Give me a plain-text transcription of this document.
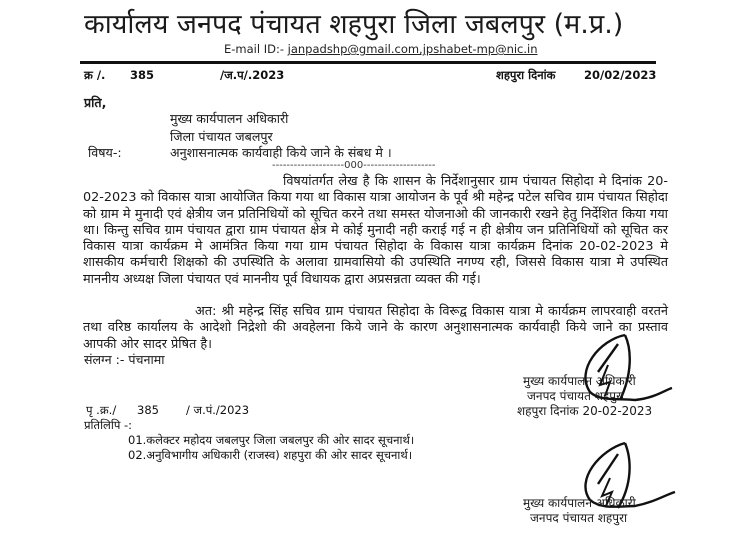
कार्यालय जनपद पंचायत शहपुरा जिला जबलपुर (म.प्र.)
E-mail ID:- janpadshp@gmail.com,jpshabet-mp@nic.in
क्र /. 385	/ज.प/.2023	शहपुरा दिनांक 20/02/2023
प्रति,
मुख्य कार्यपालन अधिकारी
जिला पंचायत जबलपुर
विषय-:	अनुशासनात्मक कार्यवाही किये जाने के संबध मे ।
--------------------000--------------------
विषयांतर्गत लेख है कि शासन के निर्देशानुसार ग्राम पंचायत सिहोदा मे दिनांक 20-02-2023 को विकास यात्रा आयोजित किया गया था विकास यात्रा आयोजन के पूर्व श्री महेन्द्र पटेल सचिव ग्राम पंचायत सिहोदा को ग्राम मे मुनादी एवं क्षेत्रीय जन प्रतिनिधियों को सूचित करने तथा समस्त योजनाओ की जानकारी रखने हेतु निर्देशित किया गया था। किन्तु सचिव ग्राम पंचायत द्वारा ग्राम पंचायत क्षेत्र मे कोई मुनादी नही कराई गई न ही क्षेत्रीय जन प्रतिनिधियों को सूचित कर विकास यात्रा कार्यक्रम मे आमंत्रित किया गया ग्राम पंचायत सिहोदा के विकास यात्रा कार्यक्रम दिनांक 20-02-2023 मे शासकीय कर्मचारी शिक्षको की उपस्थिति के अलावा ग्रामवासियो की उपस्थिति नगण्य रही, जिससे विकास यात्रा मे उपस्थित माननीय अध्यक्ष जिला पंचायत एवं माननीय पूर्व विधायक द्वारा अप्रसन्नता व्यक्त की गई।
अत: श्री महेन्द्र सिंह सचिव ग्राम पंचायत सिहोदा के विरूद्व विकास यात्रा मे कार्यक्रम लापरवाही वरतने तथा वरिष्ठ कार्यालय के आदेशो निद्रेशो की अवहेलना किये जाने के कारण अनुशासनात्मक कार्यवाही किये जाने का प्रस्ताव आपकी ओर सादर प्रेषित है।
संलग्न :- पंचनामा
मुख्य कार्यपालन अधिकारी
जनपद पंचायत शहपुरा
शहपुरा दिनांक 20-02-2023
पृ .क्र./ 385 / ज.पं./2023
प्रतिलिपि -:
01.कलेक्टर महोदय जबलपुर जिला जबलपुर की ओर सादर सूचनार्थ।
02.अनुविभागीय अधिकारी (राजस्व) शहपुरा की ओर सादर सूचनार्थ।
मुख्य कार्यपालन अधिकारी
जनपद पंचायत शहपुरा
